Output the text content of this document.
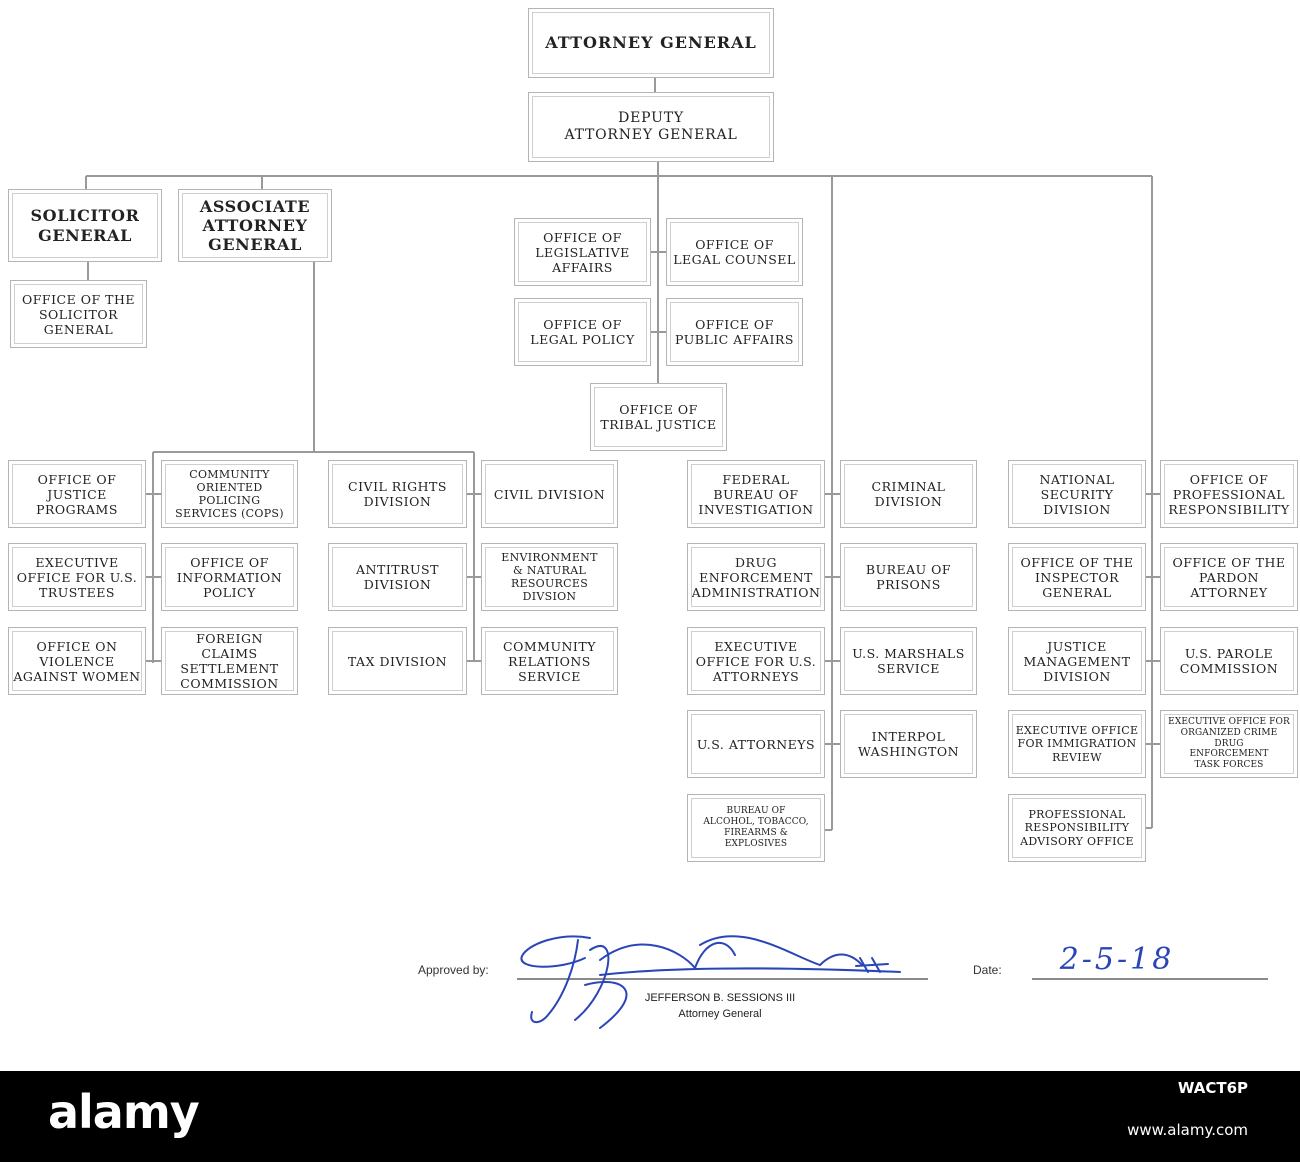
ATTORNEY GENERAL
DEPUTY
ATTORNEY GENERAL
SOLICITOR
GENERAL
ASSOCIATE
ATTORNEY
GENERAL
OFFICE OF THE
SOLICITOR
GENERAL
OFFICE OF
LEGISLATIVE
AFFAIRS
OFFICE OF
LEGAL COUNSEL
OFFICE OF
LEGAL POLICY
OFFICE OF
PUBLIC AFFAIRS
OFFICE OF
TRIBAL JUSTICE
OFFICE OF
JUSTICE
PROGRAMS
COMMUNITY
ORIENTED POLICING
SERVICES (COPS)
CIVIL RIGHTS
DIVISION	CIVIL DIVISION
EXECUTIVE
OFFICE FOR U.S.
TRUSTEES
OFFICE OF
INFORMATION
POLICY
ANTITRUST
DIVISION
ENVIRONMENT
& NATURAL
RESOURCES
DIVSION
OFFICE ON
VIOLENCE
AGAINST WOMEN
FOREIGN CLAIMS
SETTLEMENT
COMMISSION
TAX DIVISION
COMMUNITY
RELATIONS
SERVICE
FEDERAL
BUREAU OF
INVESTIGATION
CRIMINAL
DIVISION
DRUG
ENFORCEMENT
ADMINISTRATION
BUREAU OF
PRISONS
EXECUTIVE
OFFICE FOR U.S.
ATTORNEYS
U.S. MARSHALS
SERVICE
U.S. ATTORNEYS	INTERPOL
WASHINGTON
BUREAU OF
ALCOHOL, TOBACCO,
FIREARMS &
EXPLOSIVES
NATIONAL
SECURITY
DIVISION
OFFICE OF
PROFESSIONAL
RESPONSIBILITY
OFFICE OF THE
INSPECTOR
GENERAL
OFFICE OF THE
PARDON
ATTORNEY
JUSTICE
MANAGEMENT
DIVISION
U.S. PAROLE
COMMISSION
EXECUTIVE OFFICE
FOR IMMIGRATION
REVIEW
EXECUTIVE OFFICE FOR
ORGANIZED CRIME DRUG
ENFORCEMENT
TASK FORCES
PROFESSIONAL
RESPONSIBILITY
ADVISORY OFFICE
Approved by:
JEFFERSON B. SESSIONS III
Attorney General
Date: 2-5-18
alamy	WACT6P
www.alamy.com
